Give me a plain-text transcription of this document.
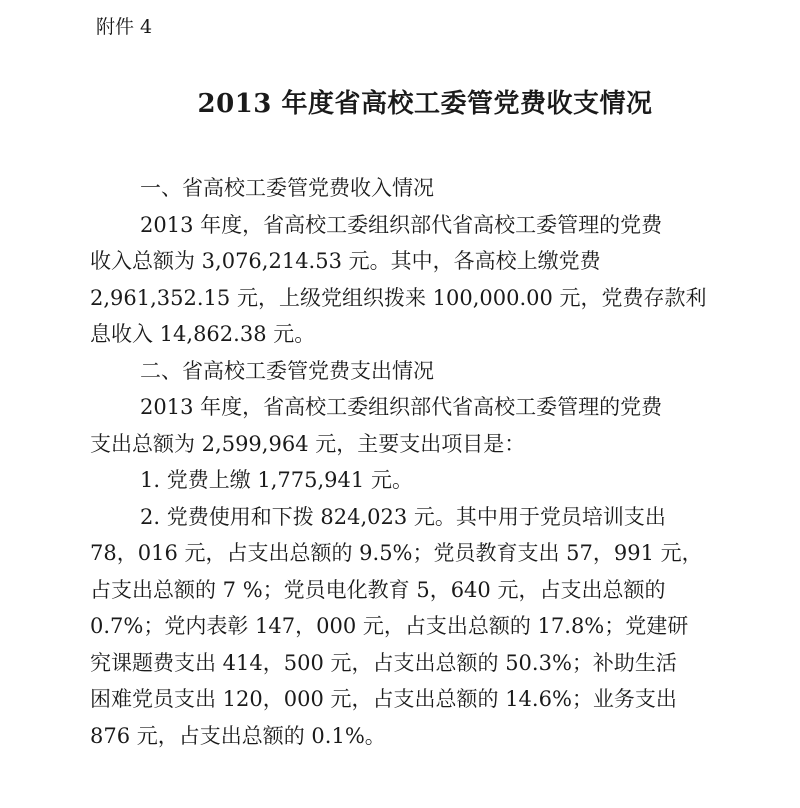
附件 4
2013 年度省高校工委管党费收支情况
一、省高校工委管党费收入情况
2013 年度，省高校工委组织部代省高校工委管理的党费
收入总额为 3,076,214.53 元。其中，各高校上缴党费
2,961,352.15 元，上级党组织拨来 100,000.00 元，党费存款利
息收入 14,862.38 元。
二、省高校工委管党费支出情况
2013 年度，省高校工委组织部代省高校工委管理的党费
支出总额为 2,599,964 元，主要支出项目是：
1. 党费上缴 1,775,941 元。
2. 党费使用和下拨 824,023 元。其中用于党员培训支出
78，016 元，占支出总额的 9.5%；党员教育支出 57，991 元，
占支出总额的 7 %；党员电化教育 5，640 元，占支出总额的
0.7%；党内表彰 147，000 元，占支出总额的 17.8%；党建研
究课题费支出 414，500 元，占支出总额的 50.3%；补助生活
困难党员支出 120，000 元，占支出总额的 14.6%；业务支出
876 元，占支出总额的 0.1%。
